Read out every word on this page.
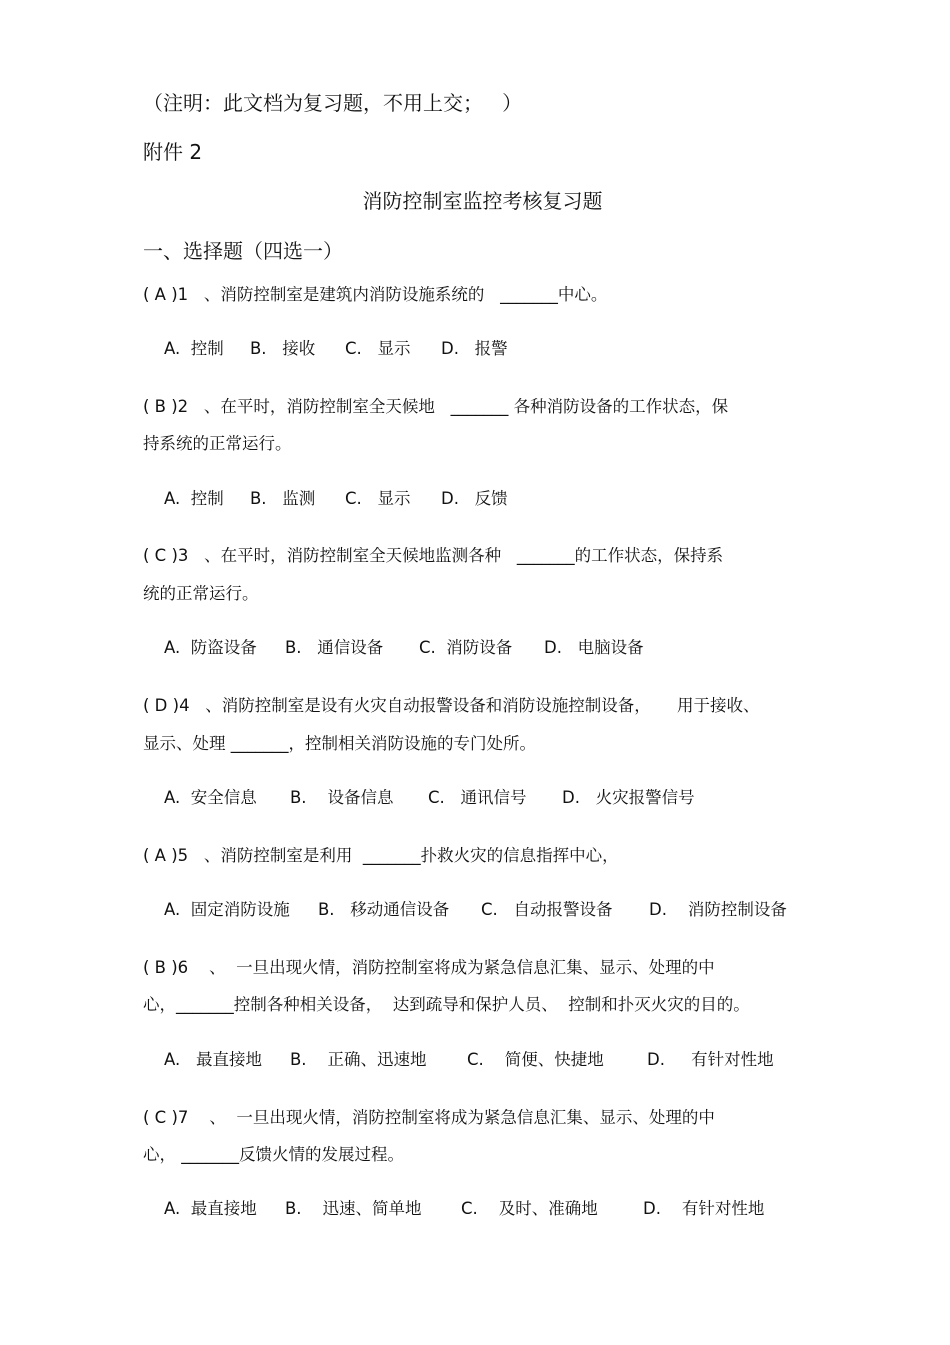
（注明：此文档为复习题，不用上交；   ）
附件 2
消防控制室监控考核复习题
一、选择题（四选一）
( A )1   、消防控制室是建筑内消防设施系统的   _______中心。

A.  控制 B.   接收 C.   显示 D.   报警

( B )2   、在平时，消防控制室全天候地   _______ 各种消防设备的工作状态，保
持系统的正常运行。

A.  控制 B.   监测 C.   显示 D.   反馈

( C )3   、在平时，消防控制室全天候地监测各种   _______的工作状态，保持系
统的正常运行。

A.  防盗设备 B.   通信设备 C.  消防设备 D.   电脑设备

( D )4   、消防控制室是设有火灾自动报警设备和消防设施控制设备，     用于接收、
显示、处理 _______，控制相关消防设施的专门处所。

A.  安全信息 B.    设备信息 C.   通讯信号 D.   火灾报警信号

( A )5   、消防控制室是利用  _______扑救火灾的信息指挥中心，

A.  固定消防设施 B.   移动通信设备 C.   自动报警设备 D.    消防控制设备

( B )6    、  一旦出现火情，消防控制室将成为紧急信息汇集、显示、处理的中
心，_______控制各种相关设备，  达到疏导和保护人员、  控制和扑灭火灾的目的。

A.   最直接地 B.    正确、迅速地 C.    简便、快捷地	D.     有针对性地

( C )7    、  一旦出现火情，消防控制室将成为紧急信息汇集、显示、处理的中
心， _______反馈火情的发展过程。

A.  最直接地 B.    迅速、简单地 C.    及时、准确地	D.    有针对性地
